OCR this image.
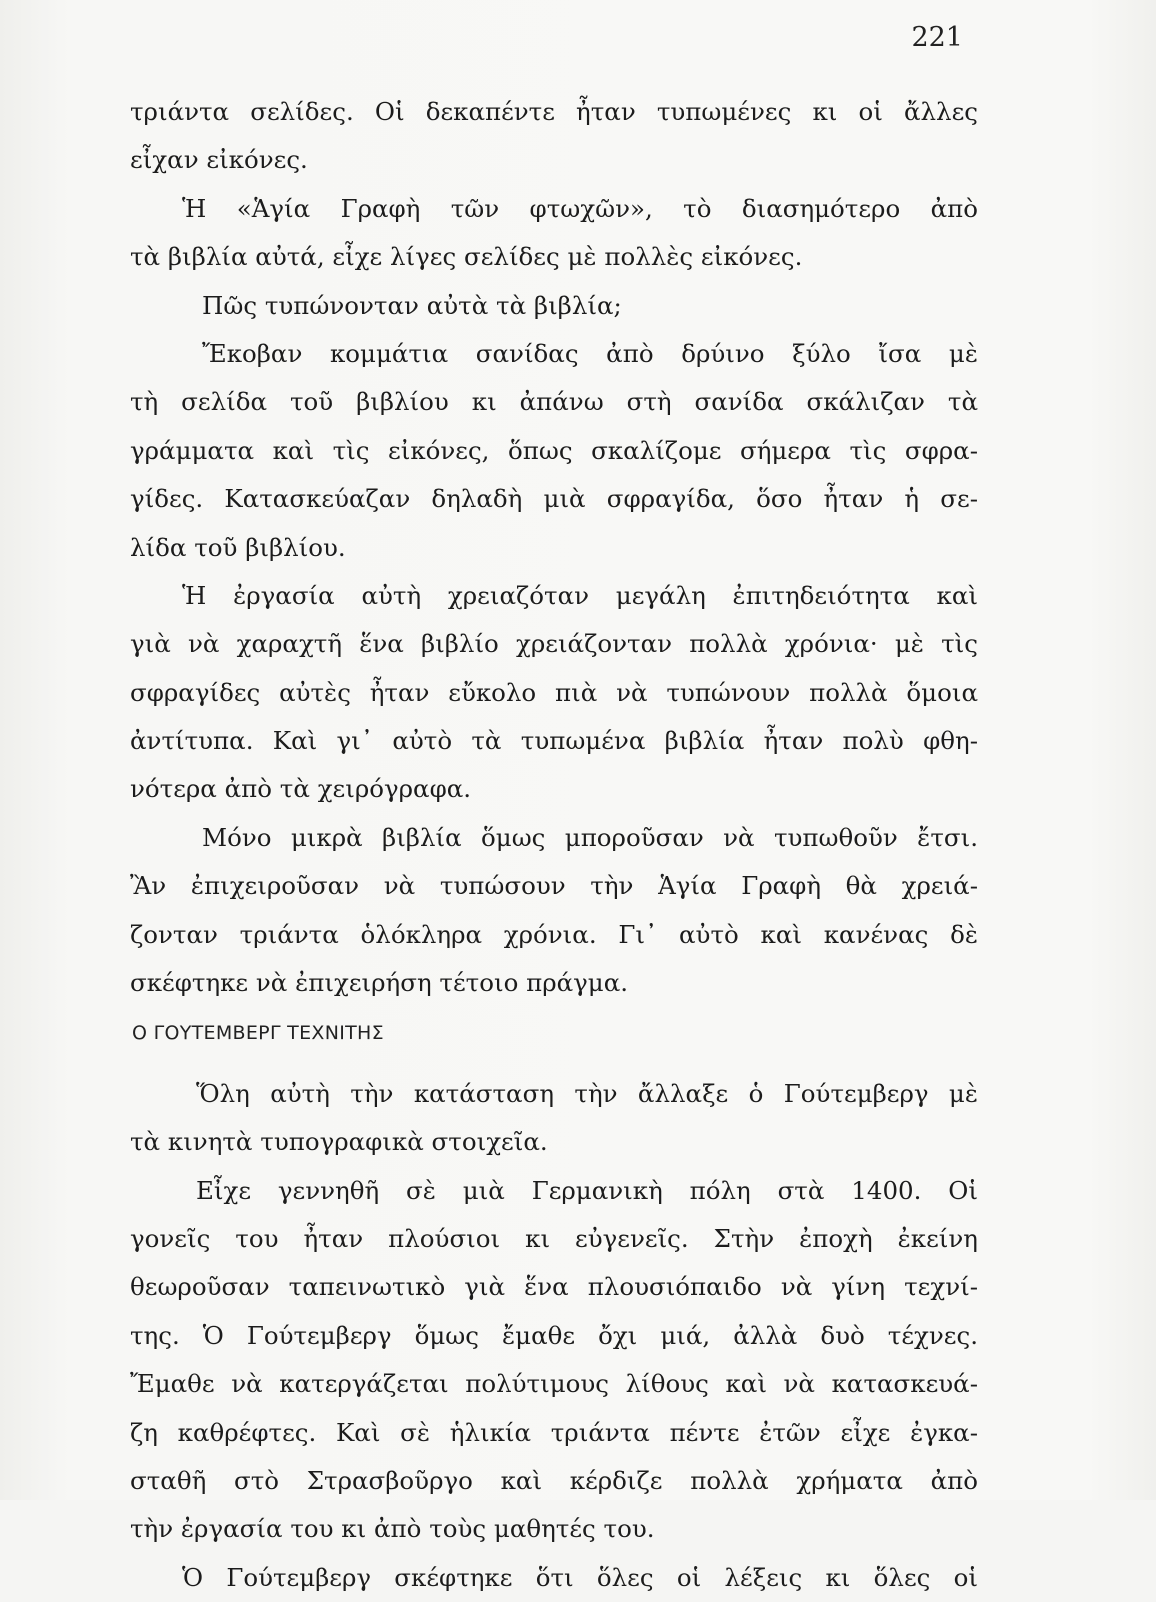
221
τριάντα σελίδες. Οἱ δεκαπέντε ἦταν τυπωμένες κι οἱ ἄλλες
εἶχαν εἰκόνες.
Ἡ «Ἁγία Γραφὴ τῶν φτωχῶν», τὸ διασημότερο ἀπὸ
τὰ βιβλία αὐτά, εἶχε λίγες σελίδες μὲ πολλὲς εἰκόνες.
Πῶς τυπώνονταν αὐτὰ τὰ βιβλία;
Ἔκοβαν κομμάτια σανίδας ἀπὸ δρύινο ξύλο ἴσα μὲ
τὴ σελίδα τοῦ βιβλίου κι ἀπάνω στὴ σανίδα σκάλιζαν τὰ
γράμματα καὶ τὶς εἰκόνες, ὅπως σκαλίζομε σήμερα τὶς σφρα-
γίδες. Κατασκεύαζαν δηλαδὴ μιὰ σφραγίδα, ὅσο ἦταν ἡ σε-
λίδα τοῦ βιβλίου.
Ἡ ἐργασία αὐτὴ χρειαζόταν μεγάλη ἐπιτηδειότητα καὶ
γιὰ νὰ χαραχτῆ ἕνα βιβλίο χρειάζονταν πολλὰ χρόνια· μὲ τὶς
σφραγίδες αὐτὲς ἦταν εὔκολο πιὰ νὰ τυπώνουν πολλὰ ὅμοια
ἀντίτυπα. Καὶ γι᾽ αὐτὸ τὰ τυπωμένα βιβλία ἦταν πολὺ φθη-
νότερα ἀπὸ τὰ χειρόγραφα.
Μόνο μικρὰ βιβλία ὅμως μποροῦσαν νὰ τυπωθοῦν ἔτσι.
Ἂν ἐπιχειροῦσαν νὰ τυπώσουν τὴν Ἁγία Γραφὴ θὰ χρειά-
ζονταν τριάντα ὁλόκληρα χρόνια. Γι᾽ αὐτὸ καὶ κανένας δὲ
σκέφτηκε νὰ ἐπιχειρήση τέτοιο πράγμα.
Ο ΓΟΥΤΕΜΒΕΡΓ ΤΕΧΝΙΤΗΣ
Ὅλη αὐτὴ τὴν κατάσταση τὴν ἄλλαξε ὁ Γούτεμβεργ μὲ
τὰ κινητὰ τυπογραφικὰ στοιχεῖα.
Εἶχε γεννηθῆ σὲ μιὰ Γερμανικὴ πόλη στὰ 1400. Οἱ
γονεῖς του ἦταν πλούσιοι κι εὐγενεῖς. Στὴν ἐποχὴ ἐκείνη
θεωροῦσαν ταπεινωτικὸ γιὰ ἕνα πλουσιόπαιδο νὰ γίνη τεχνί-
της. Ὁ Γούτεμβεργ ὅμως ἔμαθε ὄχι μιά, ἀλλὰ δυὸ τέχνες.
Ἔμαθε νὰ κατεργάζεται πολύτιμους λίθους καὶ νὰ κατασκευά-
ζη καθρέφτες. Καὶ σὲ ἡλικία τριάντα πέντε ἐτῶν εἶχε ἐγκα-
σταθῆ στὸ Στρασβοῦργο καὶ κέρδιζε πολλὰ χρήματα ἀπὸ
τὴν ἐργασία του κι ἀπὸ τοὺς μαθητές του.
Ὁ Γούτεμβεργ σκέφτηκε ὅτι ὅλες οἱ λέξεις κι ὅλες οἱ
